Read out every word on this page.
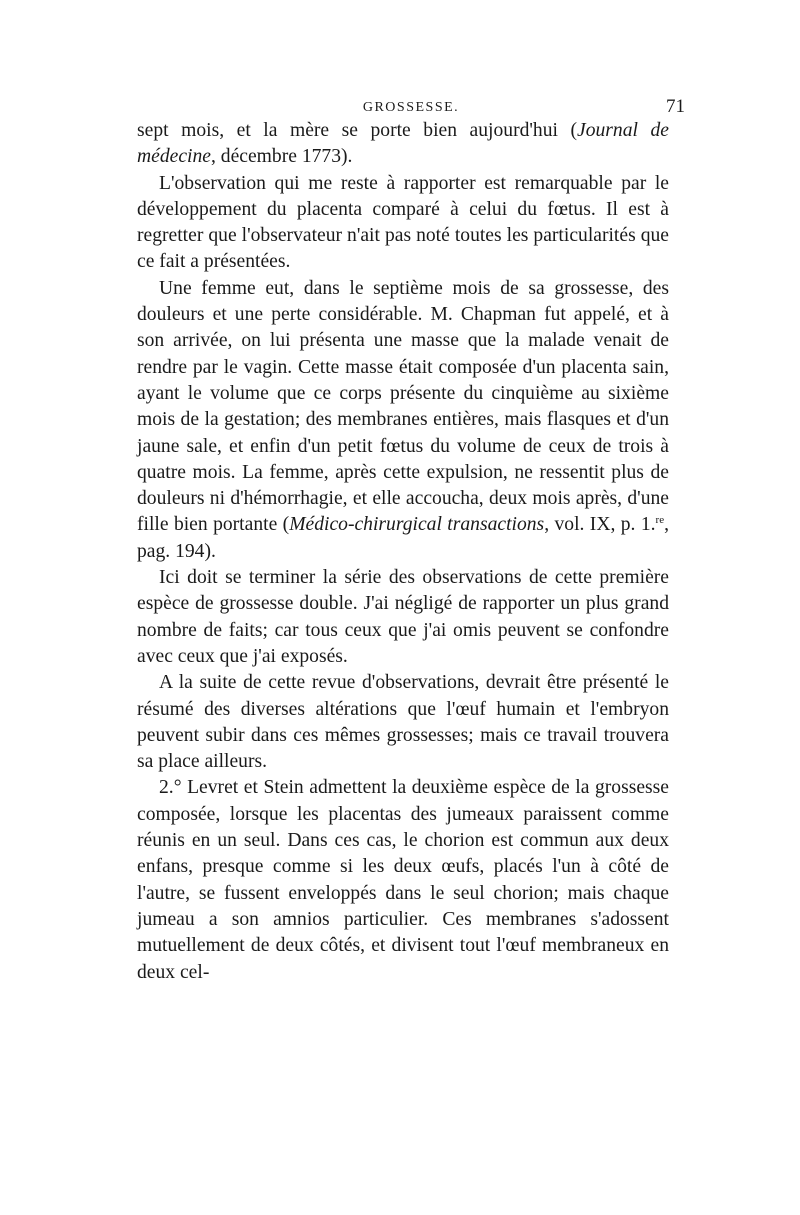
GROSSESSE.	71

sept mois, et la mère se porte bien aujourd'hui (Journal de médecine, décembre 1773).

L'observation qui me reste à rapporter est remarquable par le développement du placenta comparé à celui du fœtus. Il est à regretter que l'observateur n'ait pas noté toutes les particularités que ce fait a présentées.

Une femme eut, dans le septième mois de sa grossesse, des douleurs et une perte considérable. M. Chapman fut appelé, et à son arrivée, on lui présenta une masse que la malade venait de rendre par le vagin. Cette masse était composée d'un placenta sain, ayant le volume que ce corps présente du cinquième au sixième mois de la gestation; des membranes entières, mais flasques et d'un jaune sale, et enfin d'un petit fœtus du volume de ceux de trois à quatre mois. La femme, après cette expulsion, ne ressentit plus de douleurs ni d'hémorrhagie, et elle accoucha, deux mois après, d'une fille bien portante (Médico-chirurgical transactions, vol. IX, p. 1.$^{re}$, pag. 194).

Ici doit se terminer la série des observations de cette première espèce de grossesse double. J'ai négligé de rapporter un plus grand nombre de faits; car tous ceux que j'ai omis peuvent se confondre avec ceux que j'ai exposés.

A la suite de cette revue d'observations, devrait être présenté le résumé des diverses altérations que l'œuf humain et l'embryon peuvent subir dans ces mêmes grossesses; mais ce travail trouvera sa place ailleurs.

2.° Levret et Stein admettent la deuxième espèce de la grossesse composée, lorsque les placentas des jumeaux paraissent comme réunis en un seul. Dans ces cas, le chorion est commun aux deux enfans, presque comme si les deux œufs, placés l'un à côté de l'autre, se fussent enveloppés dans le seul chorion; mais chaque jumeau a son amnios particulier. Ces membranes s'adossent mutuellement de deux côtés, et divisent tout l'œuf membraneux en deux cel-
